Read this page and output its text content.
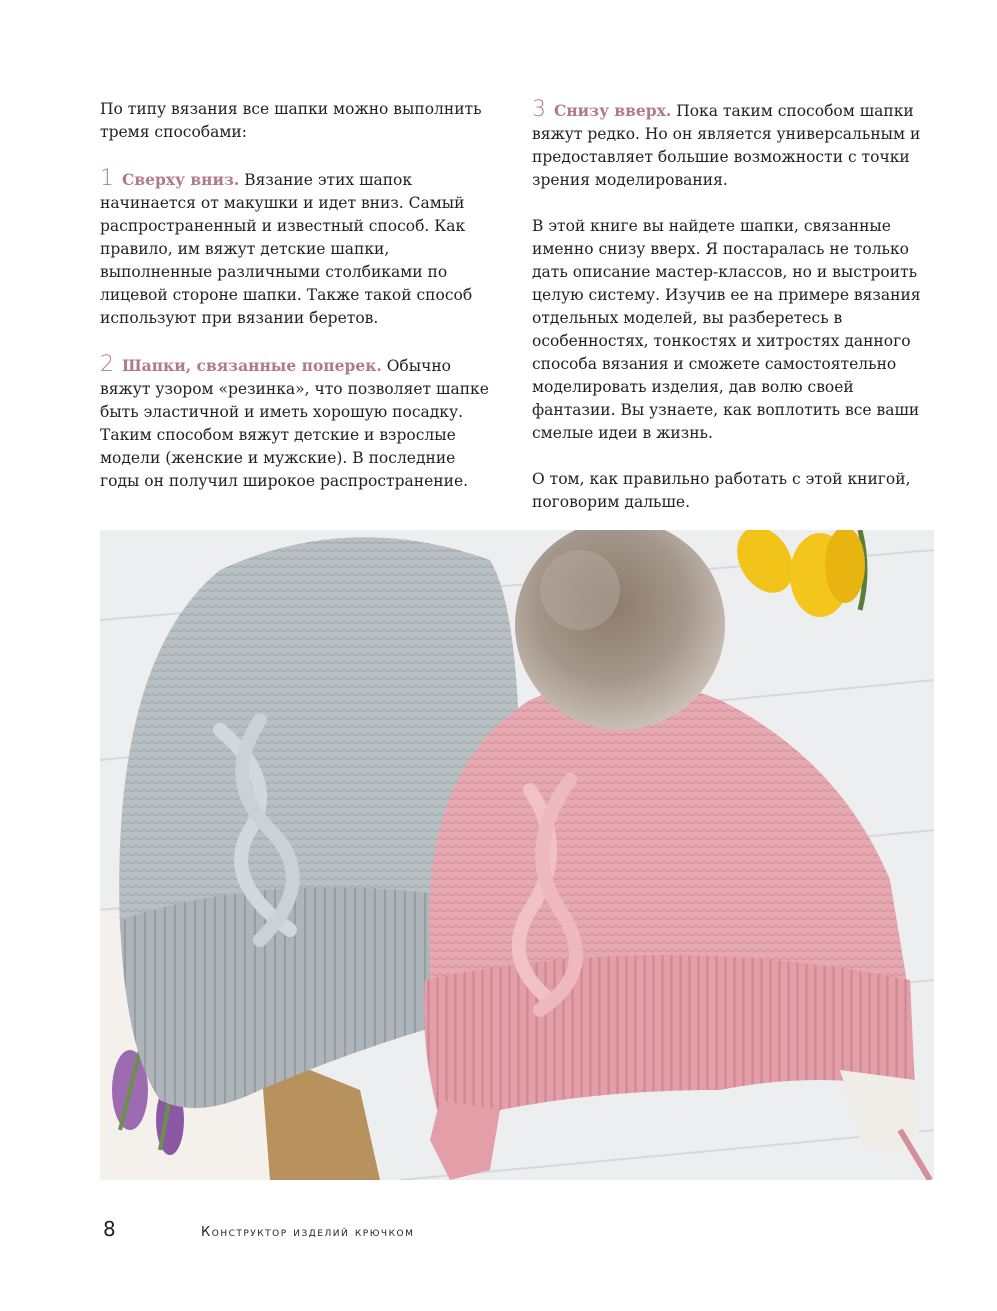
По типу вязания все шапки можно выполнить тремя способами:

1 Сверху вниз. Вязание этих шапок начинается от макушки и идет вниз. Самый распространенный и известный способ. Как правило, им вяжут детские шапки, выполненные различными столбиками по лицевой стороне шапки. Также такой способ используют при вязании беретов.

2 Шапки, связанные поперек. Обычно вяжут узором «резинка», что позволяет шапке быть эластичной и иметь хорошую посадку. Таким способом вяжут детские и взрослые модели (женские и мужские). В последние годы он получил широкое распространение.

3 Снизу вверх. Пока таким способом шапки вяжут редко. Но он является универсальным и предоставляет большие возможности с точки зрения моделирования.

В этой книге вы найдете шапки, связанные именно снизу вверх. Я постаралась не только дать описание мастер-классов, но и выстроить целую систему. Изучив ее на примере вязания отдельных моделей, вы разберетесь в особенностях, тонкостях и хитростях данного способа вязания и сможете самостоятельно моделировать изделия, дав волю своей фантазии. Вы узнаете, как воплотить все ваши смелые идеи в жизнь.

О том, как правильно работать с этой книгой, поговорим дальше.

8	Конструктор изделий крючком
